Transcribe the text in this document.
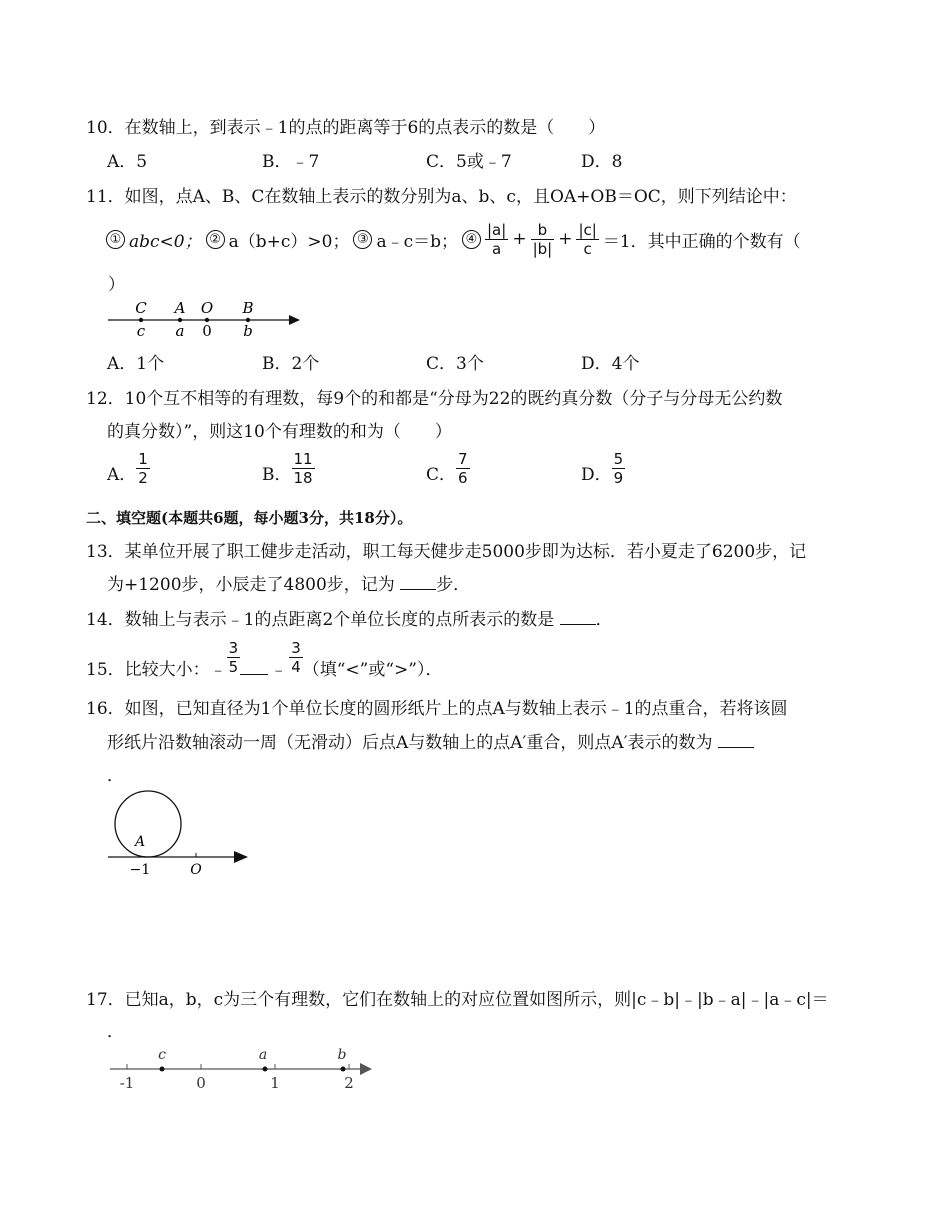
10．在数轴上，到表示﹣1的点的距离等于6的点表示的数是（　　）
A．5	B．﹣7	C．5或﹣7	D．8
11．如图，点A、B、C在数轴上表示的数分别为a、b、c，且OA+OB＝OC，则下列结论中：
① abc<0； ② a（b+c）>0； ③ a﹣c＝b； ④ $\frac{|a|}{a} + \frac{b}{|b|} + \frac{|c|}{c} =1$．其中正确的个数有（
）
C A O B
c a 0 b
A．1个	B．2个	C．3个	D．4个
12．10个互不相等的有理数，每9个的和都是“分母为22的既约真分数（分子与分母无公约数
的真分数）”，则这10个有理数的和为（　　）
A． $\frac{1}{2}$	B． $\frac{11}{18}$	C． $\frac{7}{6}$	D． $\frac{5}{9}$
二、填空题(本题共6题，每小题3分，共18分）。
13．某单位开展了职工健步走活动，职工每天健步走5000步即为达标．若小夏走了6200步，记
为+1200步，小辰走了4800步，记为 步．
14．数轴上与表示﹣1的点距离2个单位长度的点所表示的数是 ．
15．比较大小：﹣ $\frac{3}{5}$ ﹣ $\frac{3}{4}$ （填“<”或“>”）．
16．如图，已知直径为1个单位长度的圆形纸片上的点A与数轴上表示﹣1的点重合，若将该圆
形纸片沿数轴滚动一周（无滑动）后点A与数轴上的点A′重合，则点A′表示的数为
．
A
−1	O
17．已知a，b，c为三个有理数，它们在数轴上的对应位置如图所示，则|c﹣b|﹣|b﹣a|﹣|a﹣c|＝
．
c	a	b
-1	0	1	2
